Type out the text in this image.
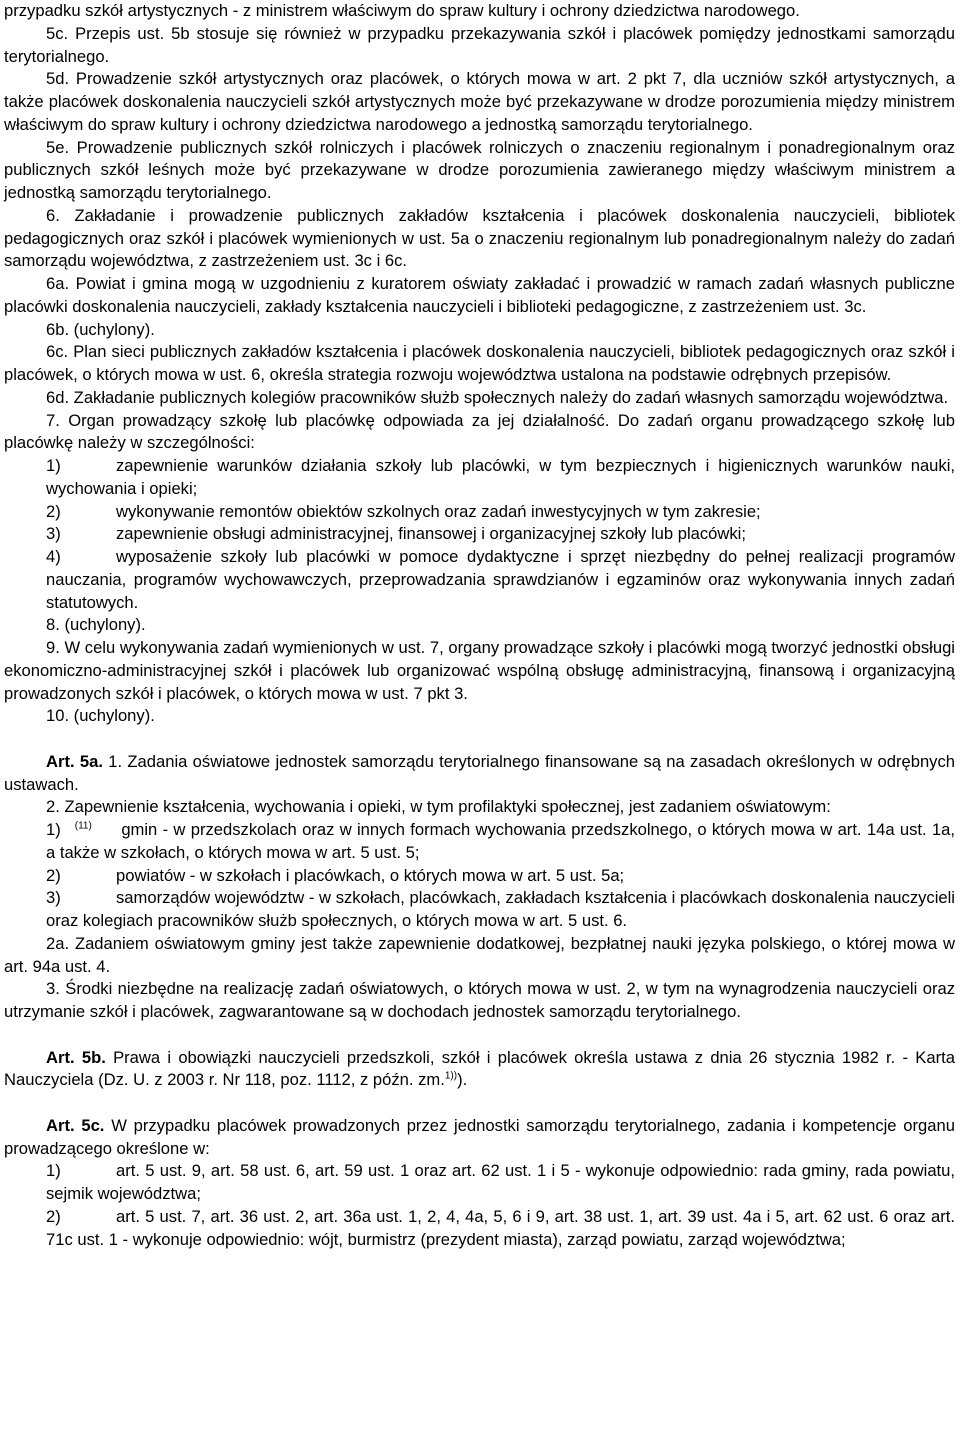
przypadku szkół artystycznych - z ministrem właściwym do spraw kultury i ochrony dziedzictwa narodowego.

5c. Przepis ust. 5b stosuje się również w przypadku przekazywania szkół i placówek pomiędzy jednostkami samorządu terytorialnego.

5d. Prowadzenie szkół artystycznych oraz placówek, o których mowa w art. 2 pkt 7, dla uczniów szkół artystycznych, a także placówek doskonalenia nauczycieli szkół artystycznych może być przekazywane w drodze porozumienia między ministrem właściwym do spraw kultury i ochrony dziedzictwa narodowego a jednostką samorządu terytorialnego.

5e. Prowadzenie publicznych szkół rolniczych i placówek rolniczych o znaczeniu regionalnym i ponadregionalnym oraz publicznych szkół leśnych może być przekazywane w drodze porozumienia zawieranego między właściwym ministrem a jednostką samorządu terytorialnego.

6. Zakładanie i prowadzenie publicznych zakładów kształcenia i placówek doskonalenia nauczycieli, bibliotek pedagogicznych oraz szkół i placówek wymienionych w ust. 5a o znaczeniu regionalnym lub ponadregionalnym należy do zadań samorządu województwa, z zastrzeżeniem ust. 3c i 6c.

6a. Powiat i gmina mogą w uzgodnieniu z kuratorem oświaty zakładać i prowadzić w ramach zadań własnych publiczne placówki doskonalenia nauczycieli, zakłady kształcenia nauczycieli i biblioteki pedagogiczne, z zastrzeżeniem ust. 3c.

6b. (uchylony).

6c. Plan sieci publicznych zakładów kształcenia i placówek doskonalenia nauczycieli, bibliotek pedagogicznych oraz szkół i placówek, o których mowa w ust. 6, określa strategia rozwoju województwa ustalona na podstawie odrębnych przepisów.

6d. Zakładanie publicznych kolegiów pracowników służb społecznych należy do zadań własnych samorządu województwa.

7. Organ prowadzący szkołę lub placówkę odpowiada za jej działalność. Do zadań organu prowadzącego szkołę lub placówkę należy w szczególności:

1)	zapewnienie warunków działania szkoły lub placówki, w tym bezpiecznych i higienicznych warunków nauki, wychowania i opieki;
2)	wykonywanie remontów obiektów szkolnych oraz zadań inwestycyjnych w tym zakresie;
3)	zapewnienie obsługi administracyjnej, finansowej i organizacyjnej szkoły lub placówki;
4)	wyposażenie szkoły lub placówki w pomoce dydaktyczne i sprzęt niezbędny do pełnej realizacji programów nauczania, programów wychowawczych, przeprowadzania sprawdzianów i egzaminów oraz wykonywania innych zadań statutowych.

8. (uchylony).

9. W celu wykonywania zadań wymienionych w ust. 7, organy prowadzące szkoły i placówki mogą tworzyć jednostki obsługi ekonomiczno-administracyjnej szkół i placówek lub organizować wspólną obsługę administracyjną, finansową i organizacyjną prowadzonych szkół i placówek, o których mowa w ust. 7 pkt 3.

10. (uchylony).

Art. 5a. 1. Zadania oświatowe jednostek samorządu terytorialnego finansowane są na zasadach określonych w odrębnych ustawach.

2. Zapewnienie kształcenia, wychowania i opieki, w tym profilaktyki społecznej, jest zadaniem oświatowym:

1) $^{(11)}$ gmin - w przedszkolach oraz w innych formach wychowania przedszkolnego, o których mowa w art. 14a ust. 1a, a także w szkołach, o których mowa w art. 5 ust. 5;
2)	powiatów - w szkołach i placówkach, o których mowa w art. 5 ust. 5a;
3)	samorządów województw - w szkołach, placówkach, zakładach kształcenia i placówkach doskonalenia nauczycieli oraz kolegiach pracowników służb społecznych, o których mowa w art. 5 ust. 6.

2a. Zadaniem oświatowym gminy jest także zapewnienie dodatkowej, bezpłatnej nauki języka polskiego, o której mowa w art. 94a ust. 4.

3. Środki niezbędne na realizację zadań oświatowych, o których mowa w ust. 2, w tym na wynagrodzenia nauczycieli oraz utrzymanie szkół i placówek, zagwarantowane są w dochodach jednostek samorządu terytorialnego.

Art. 5b. Prawa i obowiązki nauczycieli przedszkoli, szkół i placówek określa ustawa z dnia 26 stycznia 1982 r. - Karta Nauczyciela (Dz. U. z 2003 r. Nr 118, poz. 1112, z późn. zm.$^{1))}$).

Art. 5c. W przypadku placówek prowadzonych przez jednostki samorządu terytorialnego, zadania i kompetencje organu prowadzącego określone w:

1)	art. 5 ust. 9, art. 58 ust. 6, art. 59 ust. 1 oraz art. 62 ust. 1 i 5 - wykonuje odpowiednio: rada gminy, rada powiatu, sejmik województwa;
2)	art. 5 ust. 7, art. 36 ust. 2, art. 36a ust. 1, 2, 4, 4a, 5, 6 i 9, art. 38 ust. 1, art. 39 ust. 4a i 5, art. 62 ust. 6 oraz art. 71c ust. 1 - wykonuje odpowiednio: wójt, burmistrz (prezydent miasta), zarząd powiatu, zarząd województwa;
